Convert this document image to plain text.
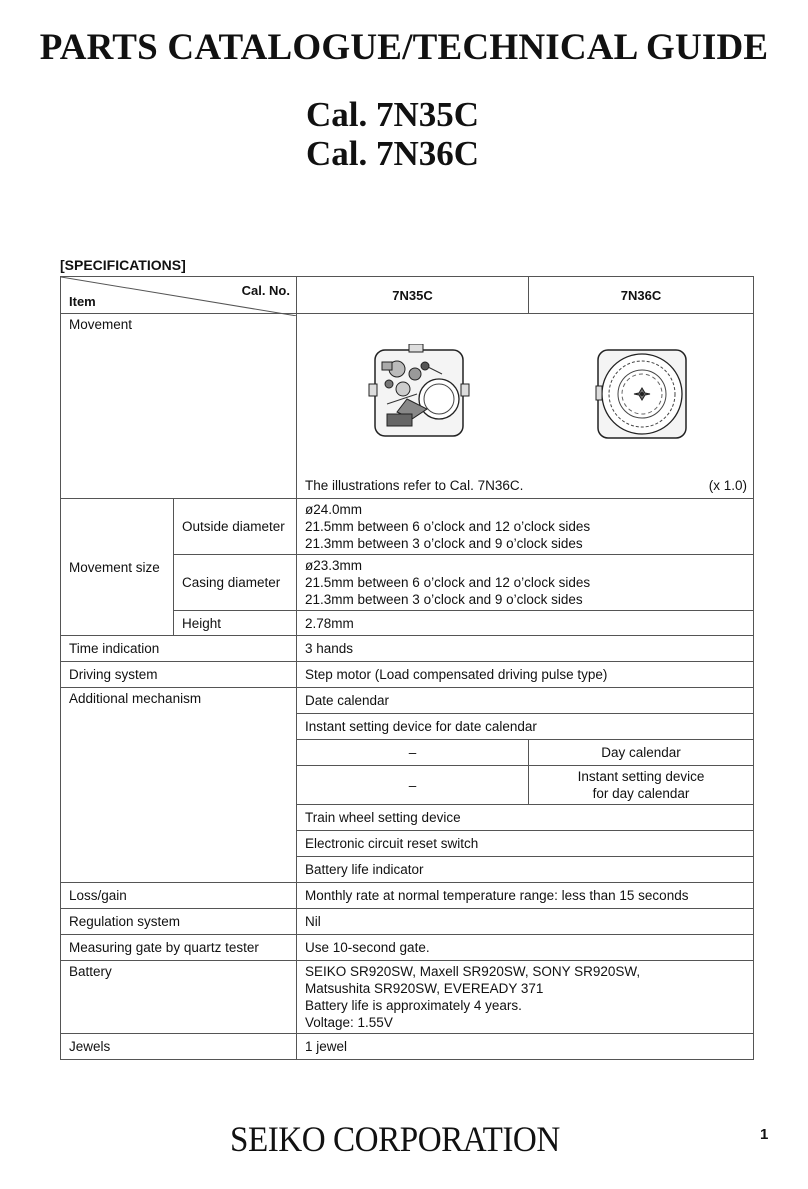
PARTS CATALOGUE/TECHNICAL GUIDE
Cal. 7N35C
Cal. 7N36C
[SPECIFICATIONS]
Cal. No.
Item		7N35C	7N36C
Movement		The illustrations refer to Cal. 7N36C. (x 1.0)	

Movement size	Outside diameter	ø24.0mm
21.5mm between 6 o’clock and 12 o’clock sides
21.3mm between 3 o’clock and 9 o’clock sides	

	Casing diameter	ø23.3mm
21.5mm between 6 o’clock and 12 o’clock sides
21.3mm between 3 o’clock and 9 o’clock sides	

	Height	2.78mm	
Time indication		3 hands	
Driving system		Step motor (Load compensated driving pulse type)	
Additional mechanism		Date calendar	
		Instant setting device for date calendar	
		–	Day calendar
		–	Instant setting device
for day calendar

		Train wheel setting device	
		Electronic circuit reset switch	
		Battery life indicator	
Loss/gain		Monthly rate at normal temperature range: less than 15 seconds	
Regulation system		Nil	
Measuring gate by quartz tester		Use 10-second gate.	
Battery		SEIKO SR920SW, Maxell SR920SW, SONY SR920SW,
Matsushita SR920SW, EVEREADY 371
Battery life is approximately 4 years.
Voltage: 1.55V	

Jewels		1 jewel	
SEIKO CORPORATION	1
